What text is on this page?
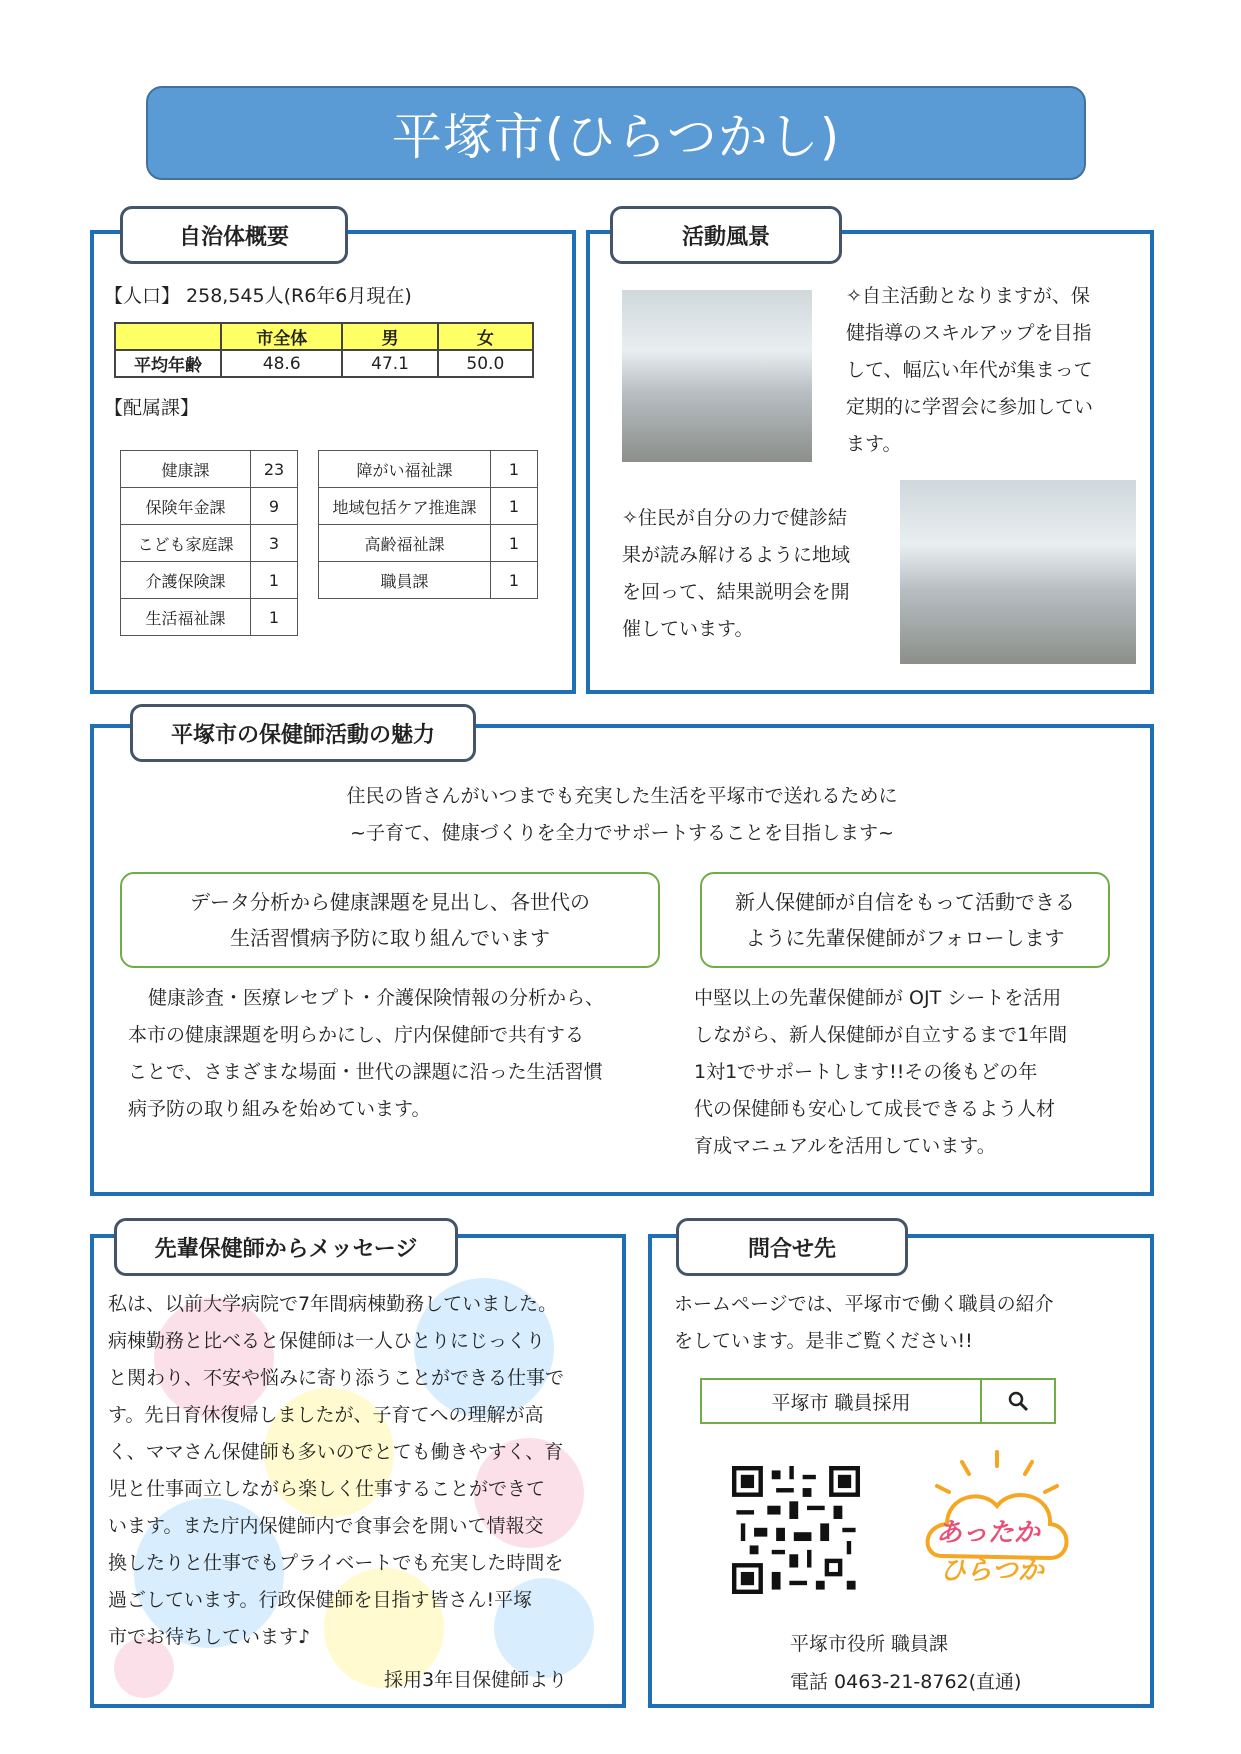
平塚市(ひらつかし)
自治体概要
【人口】 258,545人(R6年6月現在)
	市全体	男	女
平均年齢	48.6	47.1	50.0
【配属課】
健康課	23
保険年金課	9
こども家庭課	3
介護保険課	1
生活福祉課	1
障がい福祉課	1
地域包括ケア推進課	1
高齢福祉課	1
職員課	1
活動風景
✧自主活動となりますが、保
健指導のスキルアップを目指
して、幅広い年代が集まって
定期的に学習会に参加してい
ます。
✧住民が自分の力で健診結
果が読み解けるように地域
を回って、結果説明会を開
催しています。
平塚市の保健師活動の魅力
住民の皆さんがいつまでも充実した生活を平塚市で送れるために
~子育て、健康づくりを全力でサポートすることを目指します~
データ分析から健康課題を見出し、各世代の
生活習慣病予防に取り組んでいます
新人保健師が自信をもって活動できる
ように先輩保健師がフォローします
健康診査・医療レセプト・介護保険情報の分析から、
本市の健康課題を明らかにし、庁内保健師で共有する
ことで、さまざまな場面・世代の課題に沿った生活習慣
病予防の取り組みを始めています。
中堅以上の先輩保健師が OJT シートを活用
しながら、新人保健師が自立するまで1年間
1対1でサポートします!!その後もどの年
代の保健師も安心して成長できるよう人材
育成マニュアルを活用しています。
先輩保健師からメッセージ
私は、以前大学病院で7年間病棟勤務していました。
病棟勤務と比べると保健師は一人ひとりにじっくり
と関わり、不安や悩みに寄り添うことができる仕事で
す。先日育休復帰しましたが、子育てへの理解が高
く、ママさん保健師も多いのでとても働きやすく、育
児と仕事両立しながら楽しく仕事することができて
います。また庁内保健師内で食事会を開いて情報交
換したりと仕事でもプライベートでも充実した時間を
過ごしています。行政保健師を目指す皆さん!平塚
市でお待ちしています♪
採用3年目保健師より
問合せ先
ホームページでは、平塚市で働く職員の紹介
をしています。是非ご覧ください!!
平塚市 職員採用
あったか
ひらつか
平塚市役所 職員課
電話 0463-21-8762(直通)
